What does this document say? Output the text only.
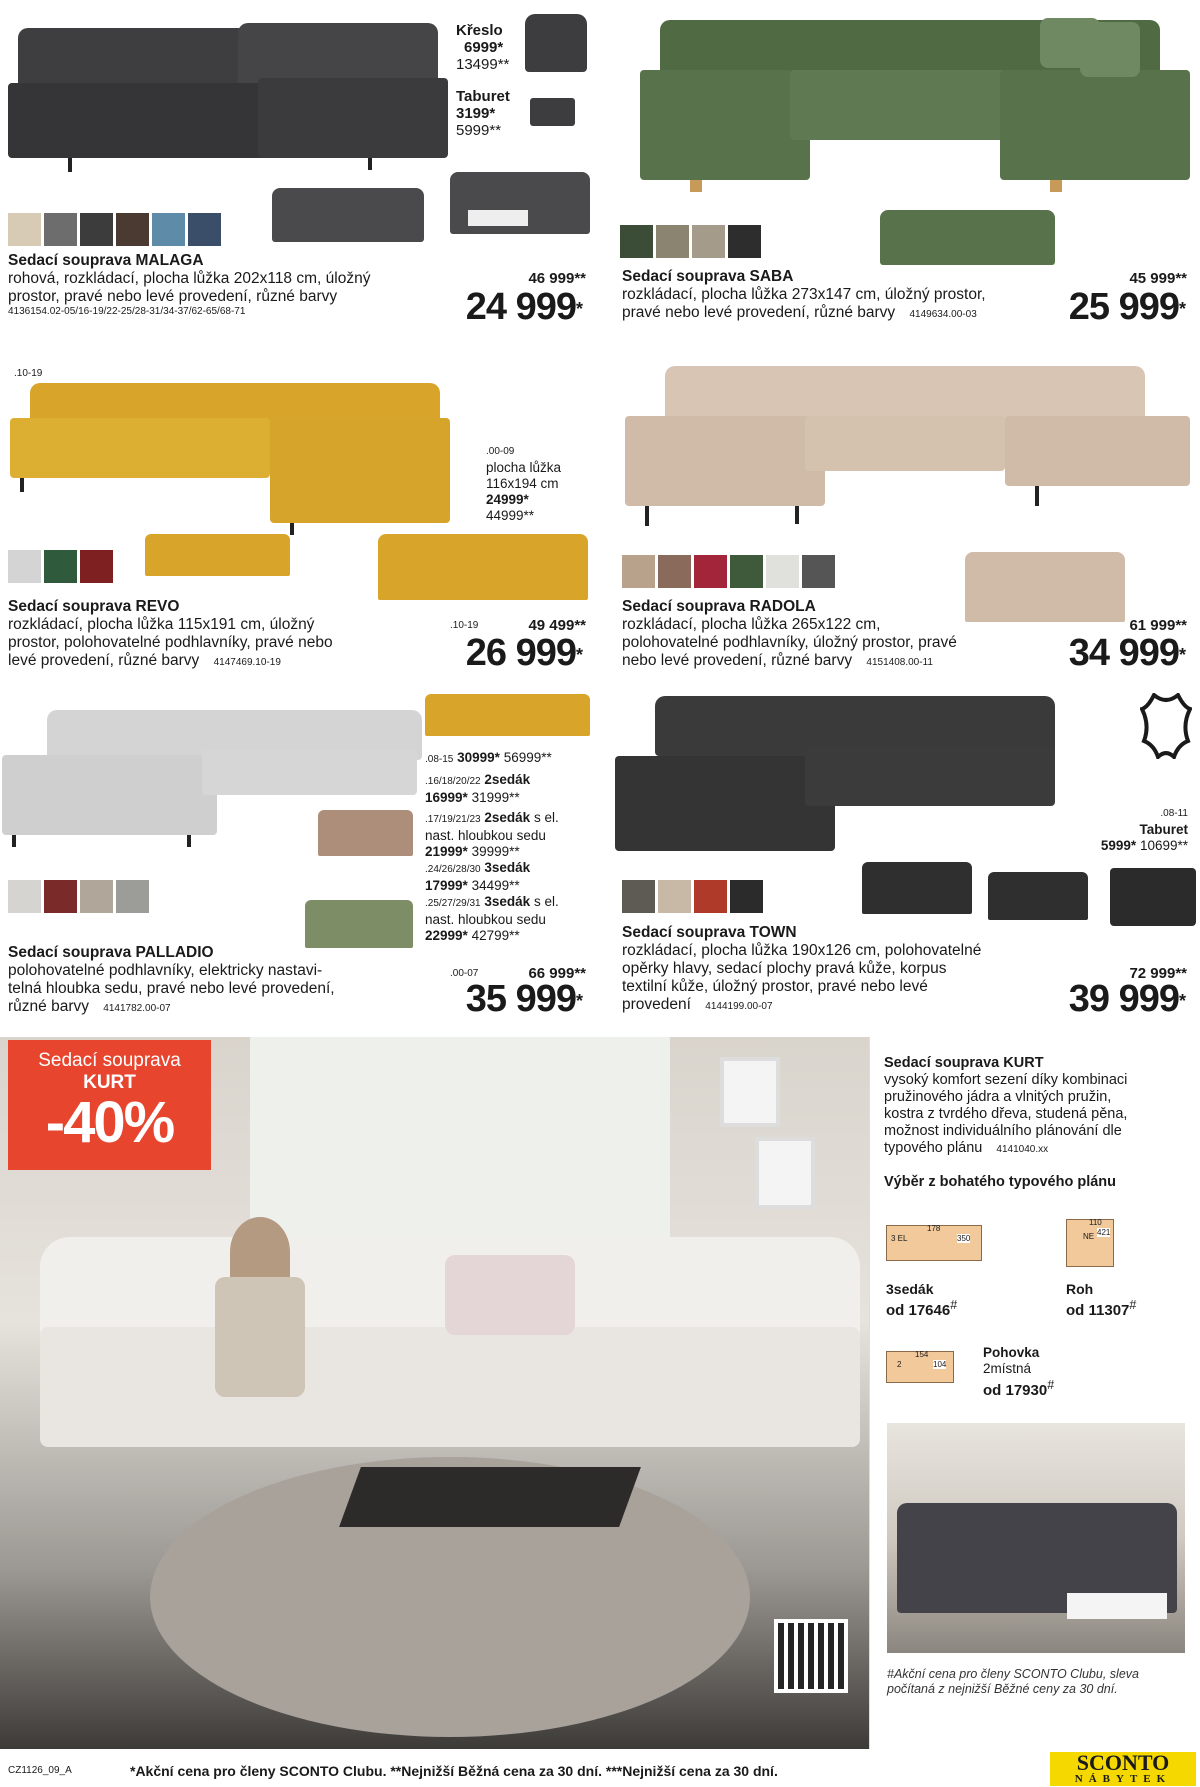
Křeslo
6999*
13499**
Taburet
3199*
5999**
Sedací souprava MALAGA
rohová, rozkládací, plocha lůžka 202x118 cm, úložný
prostor, pravé nebo levé provedení, různé barvy
4136154.02-05/16-19/22-25/28-31/34-37/62-65/68-71
46 999**
24 999*
Sedací souprava SABA
rozkládací, plocha lůžka 273x147 cm, úložný prostor,
pravé nebo levé provedení, různé barvy 4149634.00-03
45 999**
25 999*
.10-19
.00-09
plocha lůžka
116x194 cm
24999*
44999**
Sedací souprava REVO
rozkládací, plocha lůžka 115x191 cm, úložný
prostor, polohovatelné podhlavníky, pravé nebo
levé provedení, různé barvy 4147469.10-19
.10-19	49 499**
26 999*
Sedací souprava RADOLA
rozkládací, plocha lůžka 265x122 cm,
polohovatelné podhlavníky, úložný prostor, pravé
nebo levé provedení, různé barvy 4151408.00-11
61 999**
34 999*
.08-15 30999* 56999**
.16/18/20/22 2sedák
16999* 31999**
.17/19/21/23 2sedák s el.
nast. hloubkou sedu
21999* 39999**
.24/26/28/30 3sedák
17999* 34499**
.25/27/29/31 3sedák s el.
nast. hloubkou sedu
22999* 42799**
Sedací souprava PALLADIO
polohovatelné podhlavníky, elektricky nastavi-
telná hloubka sedu, pravé nebo levé provedení,
různé barvy 4141782.00-07
.00-07	66 999**
35 999*
.08-11
Taburet
5999* 10699**
Sedací souprava TOWN
rozkládací, plocha lůžka 190x126 cm, polohovatelné
opěrky hlavy, sedací plochy pravá kůže, korpus
textilní kůže, úložný prostor, pravé nebo levé
provedení 4144199.00-07
72 999**
39 999*
Sedací souprava
KURT
-40%
Sedací souprava KURT
vysoký komfort sezení díky kombinaci
pružinového jádra a vlnitých pružin,
kostra z tvrdého dřeva, studená pěna,
možnost individuálního plánování dle
typového plánu 4141040.xx
Výběr z bohatého typového plánu
178
3 EL	350
3sedák
od 17646#
110
NE 421
Roh
od 11307#
154
2	104
Pohovka
2místná
od 17930#
#Akční cena pro členy SCONTO Clubu, sleva
počítaná z nejnižší Běžné ceny za 30 dní.
CZ1126_09_A	*Akční cena pro členy SCONTO Clubu. **Nejnižší Běžná cena za 30 dní. ***Nejnižší cena za 30 dní.	SCONTO
NÁBYTEK
